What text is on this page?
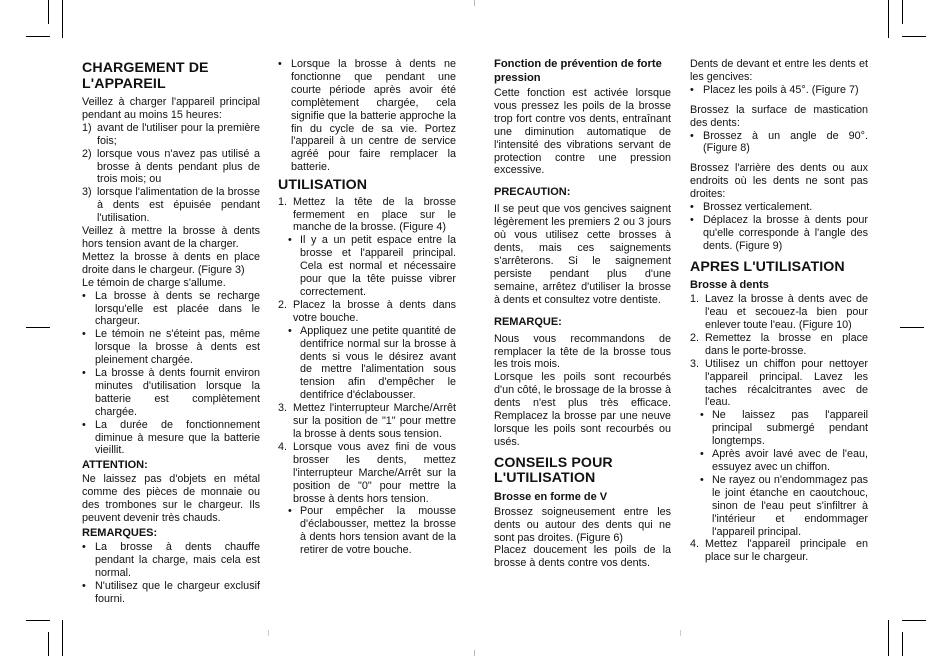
CHARGEMENT DE L'APPAREIL

Veillez à charger l'appareil principal pendant au moins 15 heures:

1) avant de l'utiliser pour la première fois;
2) lorsque vous n'avez pas utilisé a brosse à dents pendant plus de trois mois; ou
3) lorsque l'alimentation de la brosse à dents est épuisée pendant l'utilisation.

Veillez à mettre la brosse à dents hors tension avant de la charger.

Mettez la brosse à dents en place droite dans le chargeur. (Figure 3)

Le témoin de charge s'allume.

• La brosse à dents se recharge lorsqu'elle est placée dans le chargeur.
• Le témoin ne s'éteint pas, même lorsque la brosse à dents est pleinement chargée.
• La brosse à dents fournit environ minutes d'utilisation lorsque la batterie est complètement chargée.
• La durée de fonctionnement diminue à mesure que la batterie vieillit.
ATTENTION:

Ne laissez pas d'objets en métal comme des pièces de monnaie ou des trombones sur le chargeur. Ils peuvent devenir très chauds.

REMARQUES:
• La brosse à dents chauffe pendant la charge, mais cela est normal.
• N'utilisez que le chargeur exclusif fourni.
• Lorsque la brosse à dents ne fonctionne que pendant une courte période après avoir été complètement chargée, cela signifie que la batterie approche la fin du cycle de sa vie. Portez l'appareil à un centre de service agréé pour faire remplacer la batterie.
UTILISATION
1. Mettez la tête de la brosse fermement en place sur le manche de la brosse. (Figure 4)
• Il y a un petit espace entre la brosse et l'appareil principal. Cela est normal et nécessaire pour que la tête puisse vibrer correctement.
2. Placez la brosse à dents dans votre bouche.
• Appliquez une petite quantité de dentifrice normal sur la brosse à dents si vous le désirez avant de mettre l'alimentation sous tension afin d'empêcher le dentifrice d'éclabousser.
3. Mettez l'interrupteur Marche/Arrêt sur la position de "1" pour mettre la brosse à dents sous tension.
4. Lorsque vous avez fini de vous brosser les dents, mettez l'interrupteur Marche/Arrêt sur la position de "0" pour mettre la brosse à dents hors tension.
• Pour empêcher la mousse d'éclabousser, mettez la brosse à dents hors tension avant de la retirer de votre bouche.
Fonction de prévention de forte pression

Cette fonction est activée lorsque vous pressez les poils de la brosse trop fort contre vos dents, entraînant une diminution automatique de l'intensité des vibrations servant de protection contre une pression excessive.

PRECAUTION:

Il se peut que vos gencives saignent légèrement les premiers 2 ou 3 jours où vous utilisez cette brosses à dents, mais ces saignements s'arrêterons. Si le saignement persiste pendant plus d'une semaine, arrêtez d'utiliser la brosse à dents et consultez votre dentiste.

REMARQUE:

Nous vous recommandons de remplacer la tête de la brosse tous les trois mois.

Lorsque les poils sont recourbés d'un côté, le brossage de la brosse à dents n'est plus très efficace. Remplacez la brosse par une neuve lorsque les poils sont recourbés ou usés.

CONSEILS POUR L'UTILISATION
Brosse en forme de V

Brossez soigneusement entre les dents ou autour des dents qui ne sont pas droites. (Figure 6)

Placez doucement les poils de la brosse à dents contre vos dents.

Dents de devant et entre les dents et les gencives:

• Placez les poils à 45°. (Figure 7)

Brossez la surface de mastication des dents:

• Brossez à un angle de 90°. (Figure 8)

Brossez l'arrière des dents ou aux endroits où les dents ne sont pas droites:

• Brossez verticalement.
• Déplacez la brosse à dents pour qu'elle corresponde à l'angle des dents. (Figure 9)
APRES L'UTILISATION
Brosse à dents
1. Lavez la brosse à dents avec de l'eau et secouez-la bien pour enlever toute l'eau. (Figure 10)
2. Remettez la brosse en place dans le porte-brosse.
3. Utilisez un chiffon pour nettoyer l'appareil principal. Lavez les taches récalcitrantes avec de l'eau.
• Ne laissez pas l'appareil principal submergé pendant longtemps.
• Après avoir lavé avec de l'eau, essuyez avec un chiffon.
• Ne rayez ou n'endommagez pas le joint étanche en caoutchouc, sinon de l'eau peut s'infiltrer à l'intérieur et endommager l'appareil principal.
4. Mettez l'appareil principale en place sur le chargeur.
